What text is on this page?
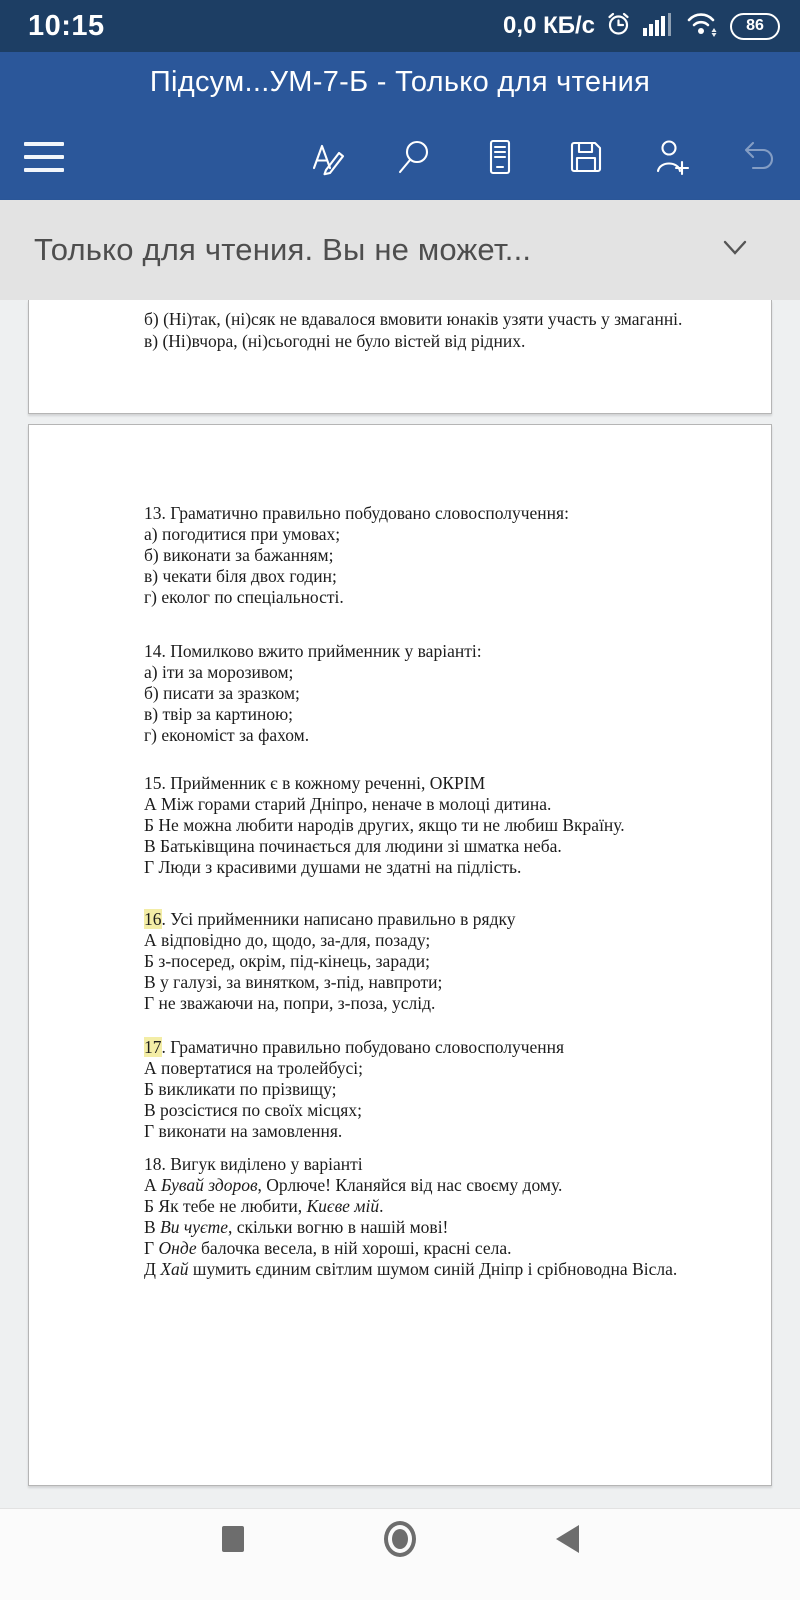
10:15	0,0 КБ/с	86
Підсум...УМ-7-Б - Только для чтения
Только для чтения. Вы не может...
б) (Ні)так, (ні)сяк не вдавалося вмовити юнаків узяти участь у змаганні.
в) (Ні)вчора, (ні)сьогодні не було вістей від рідних.
13. Граматично правильно побудовано словосполучення:
а) погодитися при умовах;
б) виконати за бажанням;
в) чекати біля двох годин;
г) еколог по спеціальності.
14. Помилково вжито прийменник у варіанті:
а) іти за морозивом;
б) писати за зразком;
в) твір за картиною;
г) економіст за фахом.
15. Прийменник є в кожному реченні, ОКРІМ
А Між горами старий Дніпро, неначе в молоці дитина.
Б Не можна любити народів других, якщо ти не любиш Вкраїну.
В Батьківщина починається для людини зі шматка неба.
Г Люди з красивими душами не здатні на підлість.
16. Усі прийменники написано правильно в рядку
А відповідно до, щодо, за-для, позаду;
Б з-посеред, окрім, під-кінець, заради;
В у галузі, за винятком, з-під, навпроти;
Г не зважаючи на, попри, з-поза, услід.
17. Граматично правильно побудовано словосполучення
А повертатися на тролейбусі;
Б викликати по прізвищу;
В розсістися по своїх місцях;
Г виконати на замовлення.
18. Вигук виділено у варіанті
А Бувай здоров, Орлюче! Кланяйся від нас своєму дому.
Б Як тебе не любити, Києве мій.
В Ви чуєте, скільки вогню в нашій мові!
Г Онде балочка весела, в ній хороші, красні села.
Д Хай шумить єдиним світлим шумом синій Дніпр і срібноводна Вісла.
